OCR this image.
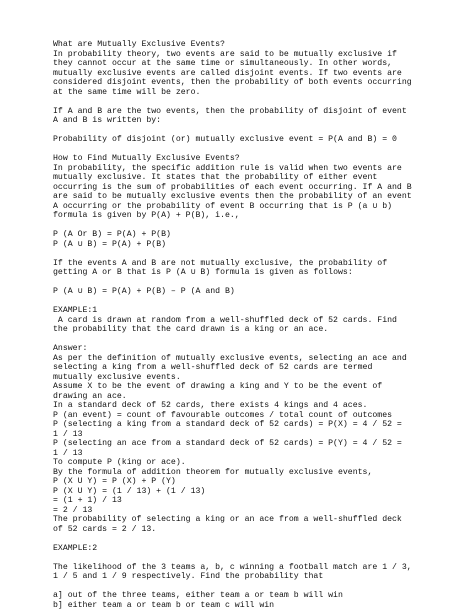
What are Mutually Exclusive Events?
In probability theory, two events are said to be mutually exclusive if
they cannot occur at the same time or simultaneously. In other words,
mutually exclusive events are called disjoint events. If two events are
considered disjoint events, then the probability of both events occurring
at the same time will be zero.
If A and B are the two events, then the probability of disjoint of event
A and B is written by:
Probability of disjoint (or) mutually exclusive event = P(A and B) = 0
How to Find Mutually Exclusive Events?
In probability, the specific addition rule is valid when two events are
mutually exclusive. It states that the probability of either event
occurring is the sum of probabilities of each event occurring. If A and B
are said to be mutually exclusive events then the probability of an event
A occurring or the probability of event B occurring that is P (a ∪ b)
formula is given by P(A) + P(B), i.e.,
P (A Or B) = P(A) + P(B)
P (A ∪ B) = P(A) + P(B)
If the events A and B are not mutually exclusive, the probability of
getting A or B that is P (A ∪ B) formula is given as follows:
P (A ∪ B) = P(A) + P(B) – P (A and B)
EXAMPLE:1
A card is drawn at random from a well-shuffled deck of 52 cards. Find
the probability that the card drawn is a king or an ace.
Answer:
As per the definition of mutually exclusive events, selecting an ace and
selecting a king from a well-shuffled deck of 52 cards are termed
mutually exclusive events.
Assume X to be the event of drawing a king and Y to be the event of
drawing an ace.
In a standard deck of 52 cards, there exists 4 kings and 4 aces.
P (an event) = count of favourable outcomes / total count of outcomes
P (selecting a king from a standard deck of 52 cards) = P(X) = 4 / 52 =
1 / 13
P (selecting an ace from a standard deck of 52 cards) = P(Y) = 4 / 52 =
1 / 13
To compute P (king or ace).
By the formula of addition theorem for mutually exclusive events,
P (X U Y) = P (X) + P (Y)
P (X U Y) = (1 / 13) + (1 / 13)
= (1 + 1) / 13
= 2 / 13
The probability of selecting a king or an ace from a well-shuffled deck
of 52 cards = 2 / 13.
EXAMPLE:2
The likelihood of the 3 teams a, b, c winning a football match are 1 / 3,
1 / 5 and 1 / 9 respectively. Find the probability that
a] out of the three teams, either team a or team b will win
b] either team a or team b or team c will win
